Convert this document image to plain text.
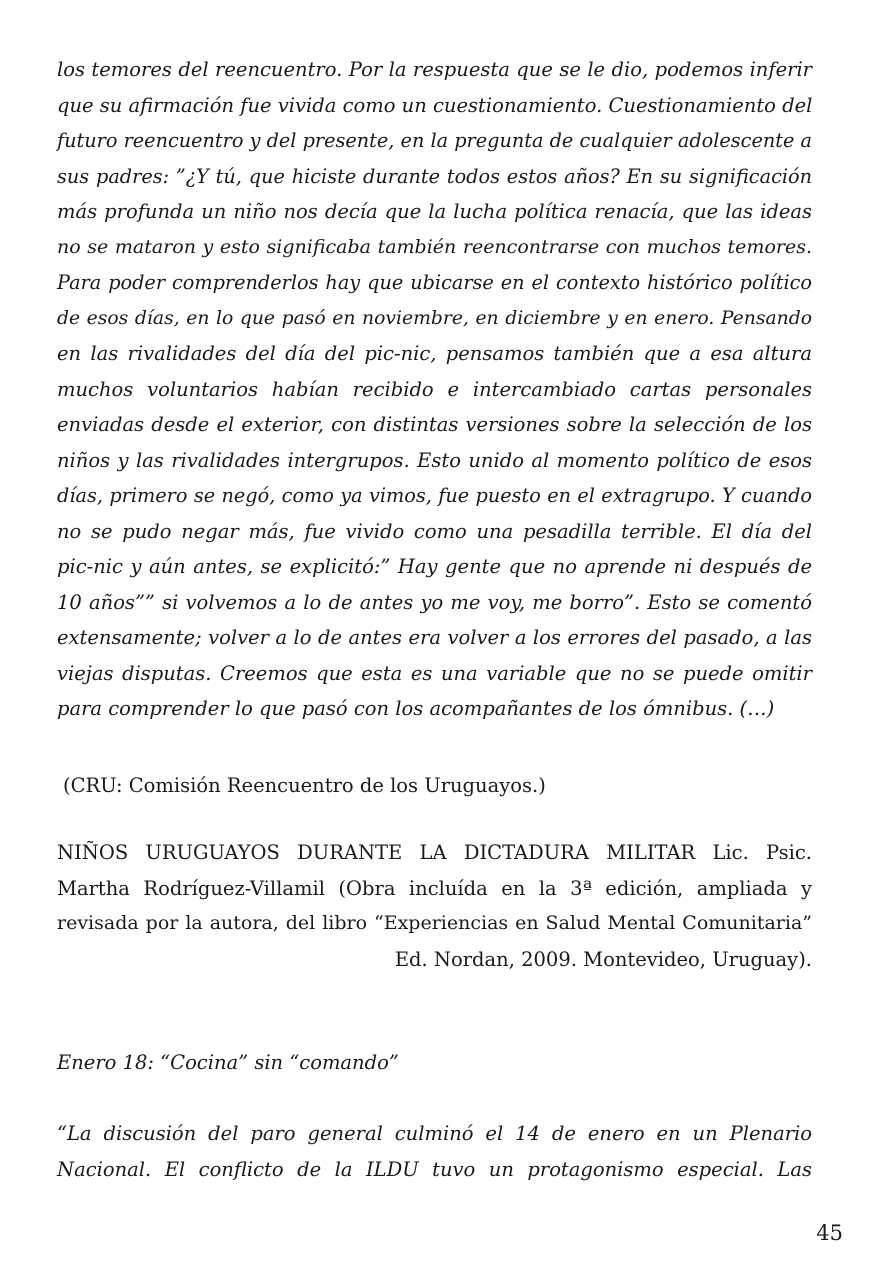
los temores del reencuentro. Por la respuesta que se le dio, podemos inferir
que su afirmación fue vivida como un cuestionamiento. Cuestionamiento del
futuro reencuentro y del presente, en la pregunta de cualquier adolescente a
sus padres: ”¿Y tú, que hiciste durante todos estos años? En su significación
más profunda un niño nos decía que la lucha política renacía, que las ideas
no se mataron y esto significaba también reencontrarse con muchos temores.
Para poder comprenderlos hay que ubicarse en el contexto histórico político
de esos días, en lo que pasó en noviembre, en diciembre y en enero. Pensando
en las rivalidades del día del pic-nic, pensamos también que a esa altura
muchos voluntarios habían recibido e intercambiado cartas personales
enviadas desde el exterior, con distintas versiones sobre la selección de los
niños y las rivalidades intergrupos. Esto unido al momento político de esos
días, primero se negó, como ya vimos, fue puesto en el extragrupo. Y cuando
no se pudo negar más, fue vivido como una pesadilla terrible. El día del
pic-nic y aún antes, se explicitó:” Hay gente que no aprende ni después de
10 años”” si volvemos a lo de antes yo me voy, me borro”. Esto se comentó
extensamente; volver a lo de antes era volver a los errores del pasado, a las
viejas disputas. Creemos que esta es una variable que no se puede omitir
para comprender lo que pasó con los acompañantes de los ómnibus. (…)
(CRU: Comisión Reencuentro de los Uruguayos.)
NIÑOS URUGUAYOS DURANTE LA DICTADURA MILITAR Lic. Psic.
Martha Rodríguez-Villamil (Obra incluída en la 3ª edición, ampliada y
revisada por la autora, del libro “Experiencias en Salud Mental Comunitaria”
Ed. Nordan, 2009. Montevideo, Uruguay).
Enero 18: “Cocina” sin “comando”
“La discusión del paro general culminó el 14 de enero en un Plenario
Nacional. El conflicto de la ILDU tuvo un protagonismo especial. Las
45
